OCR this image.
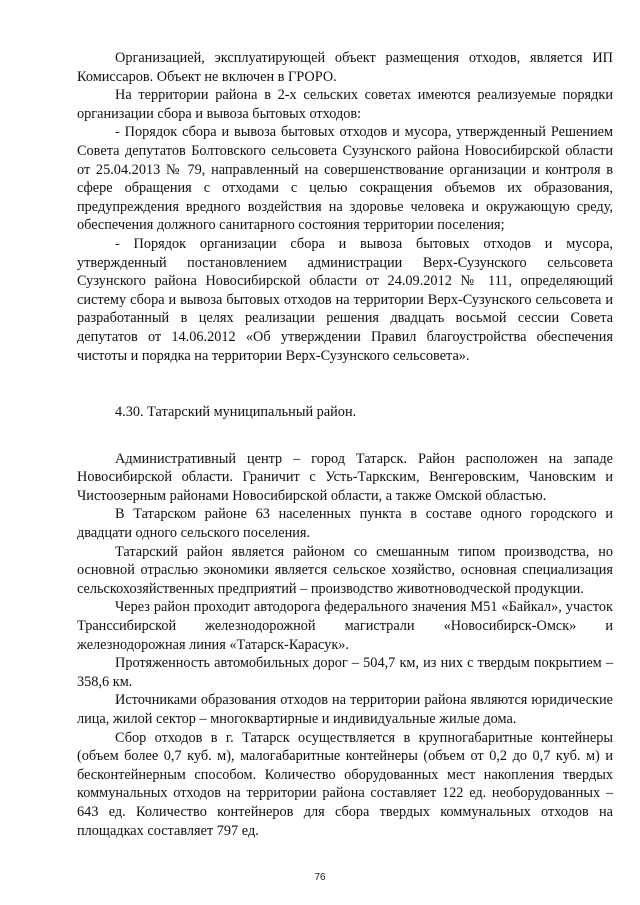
Организацией, эксплуатирующей объект размещения отходов, является ИП Комиссаров. Объект не включен в ГРОРО.

На территории района в 2-х сельских советах имеются реализуемые порядки организации сбора и вывоза бытовых отходов:

- Порядок сбора и вывоза бытовых отходов и мусора, утвержденный Решением Совета депутатов Болтовского сельсовета Сузунского района Новосибирской области от 25.04.2013 № 79, направленный на совершенствование организации и контроля в сфере обращения с отходами с целью сокращения объемов их образования, предупреждения вредного воздействия на здоровье человека и окружающую среду, обеспечения должного санитарного состояния территории поселения;

- Порядок организации сбора и вывоза бытовых отходов и мусора, утвержденный постановлением администрации Верх-Сузунского сельсовета Сузунского района Новосибирской области от 24.09.2012 № 111, определяющий систему сбора и вывоза бытовых отходов на территории Верх-Сузунского сельсовета и разработанный в целях реализации решения двадцать восьмой сессии Совета депутатов от 14.06.2012 «Об утверждении Правил благоустройства обеспечения чистоты и порядка на территории Верх-Сузунского сельсовета».

4.30. Татарский муниципальный район.

Административный центр – город Татарск. Район расположен на западе Новосибирской области. Граничит с Усть-Таркским, Венгеровским, Чановским и Чистоозерным районами Новосибирской области, а также Омской областью.

В Татарском районе 63 населенных пункта в составе одного городского и двадцати одного сельского поселения.

Татарский район является районом со смешанным типом производства, но основной отраслью экономики является сельское хозяйство, основная специализация сельскохозяйственных предприятий – производство животноводческой продукции.

Через район проходит автодорога федерального значения М51 «Байкал», участок Транссибирской железнодорожной магистрали «Новосибирск-Омск» и железнодорожная линия «Татарск-Карасук».

Протяженность автомобильных дорог – 504,7 км, из них с твердым покрытием – 358,6 км.

Источниками образования отходов на территории района являются юридические лица, жилой сектор – многоквартирные и индивидуальные жилые дома.

Сбор отходов в г. Татарск осуществляется в крупногабаритные контейнеры (объем более 0,7 куб. м), малогабаритные контейнеры (объем от 0,2 до 0,7 куб. м) и бесконтейнерным способом. Количество оборудованных мест накопления твердых коммунальных отходов на территории района составляет 122 ед. необорудованных – 643 ед. Количество контейнеров для сбора твердых коммунальных отходов на площадках составляет 797 ед.

76
